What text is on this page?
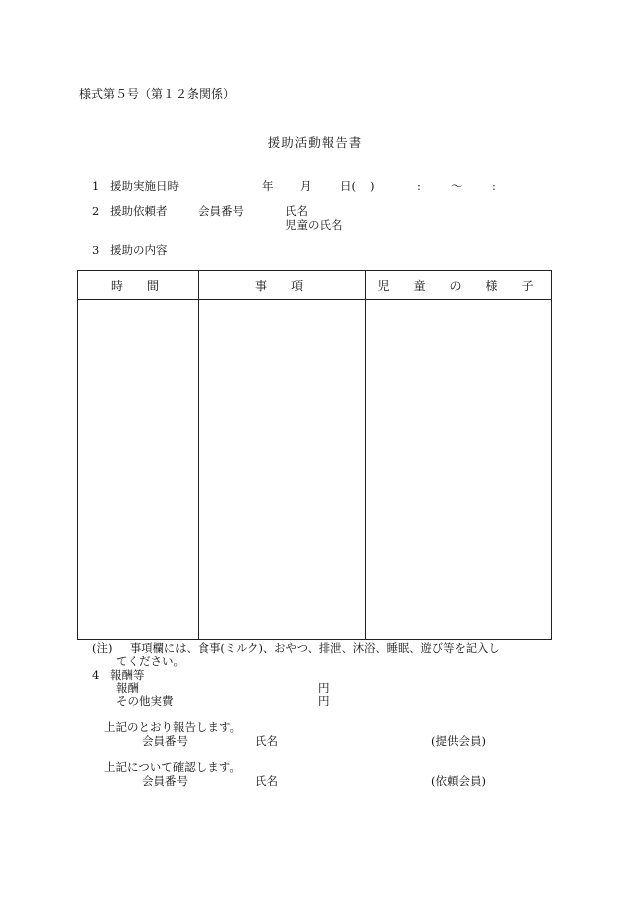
様式第５号（第１２条関係）
援助活動報告書
1 援助実施日時	年 月 日( )	:	～	:
2 援助依頼者	会員番号	氏名
児童の氏名
3 援助の内容
時　間	事　項	児　童　の　様　子

(注) 事項欄には、食事(ミルク)、おやつ、排泄、沐浴、睡眠、遊び等を記入し
てください。
4 報酬等
報酬	円
その他実費	円
上記のとおり報告します。
会員番号	氏名	(提供会員)
上記について確認します。
会員番号	氏名	(依頼会員)
